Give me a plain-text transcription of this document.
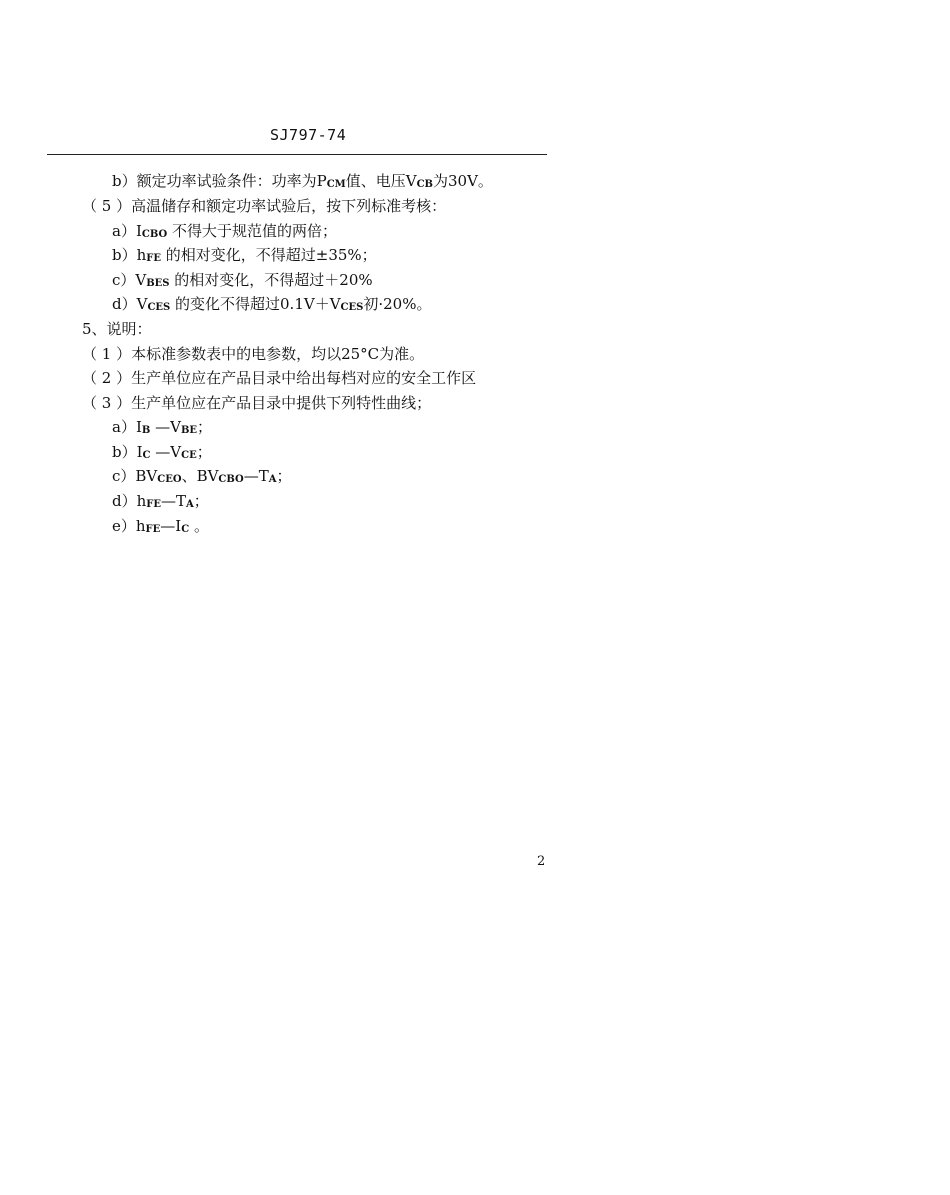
SJ797-74
b）额定功率试验条件：功率为PCM值、电压VCB为30V。
（ 5 ）高温储存和额定功率试验后，按下列标准考核：
a）ICBO 不得大于规范值的两倍；
b）hFE 的相对变化，不得超过±35%；
c）VBES 的相对变化，不得超过＋20%
d）VCES 的变化不得超过0.1V＋VCES初·20%。
5、说明：
（ 1 ）本标准参数表中的电参数，均以25°C为准。
（ 2 ）生产单位应在产品目录中给出每档对应的安全工作区
（ 3 ）生产单位应在产品目录中提供下列特性曲线；
a）IB —VBE；
b）IC —VCE；
c）BVCEO、BVCBO—TA；
d）hFE—TA；
e）hFE—IC 。
2
